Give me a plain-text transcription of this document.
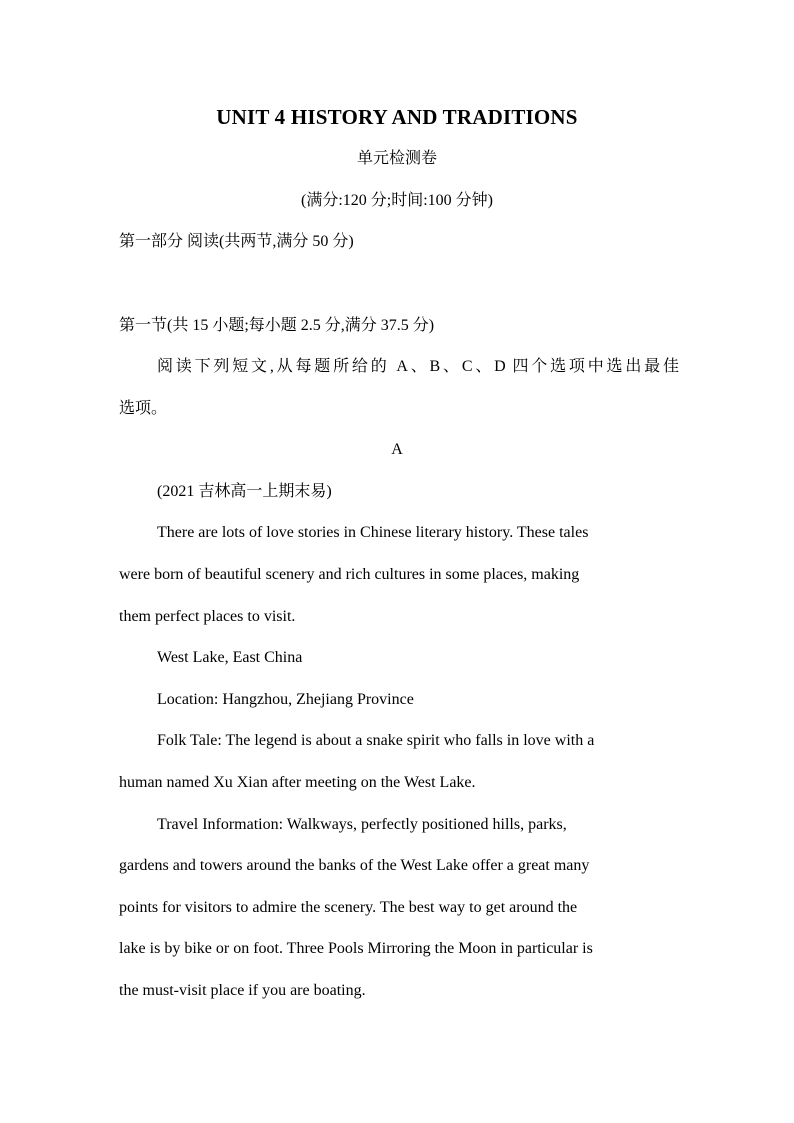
UNIT 4 HISTORY AND TRADITIONS
单元检测卷
(满分:120 分;时间:100 分钟)
第一部分 阅读(共两节,满分 50 分)
第一节(共 15 小题;每小题 2.5 分,满分 37.5 分)
阅读下列短文,从每题所给的 A、B、C、D 四个选项中选出最佳
选项。
A
(2021 吉林高一上期末易)
There are lots of love stories in Chinese literary history. These tales
were born of beautiful scenery and rich cultures in some places, making
them perfect places to visit.
West Lake, East China
Location: Hangzhou, Zhejiang Province
Folk Tale: The legend is about a snake spirit who falls in love with a
human named Xu Xian after meeting on the West Lake.
Travel Information: Walkways, perfectly positioned hills, parks,
gardens and towers around the banks of the West Lake offer a great many
points for visitors to admire the scenery. The best way to get around the
lake is by bike or on foot. Three Pools Mirroring the Moon in particular is
the must-visit place if you are boating.
